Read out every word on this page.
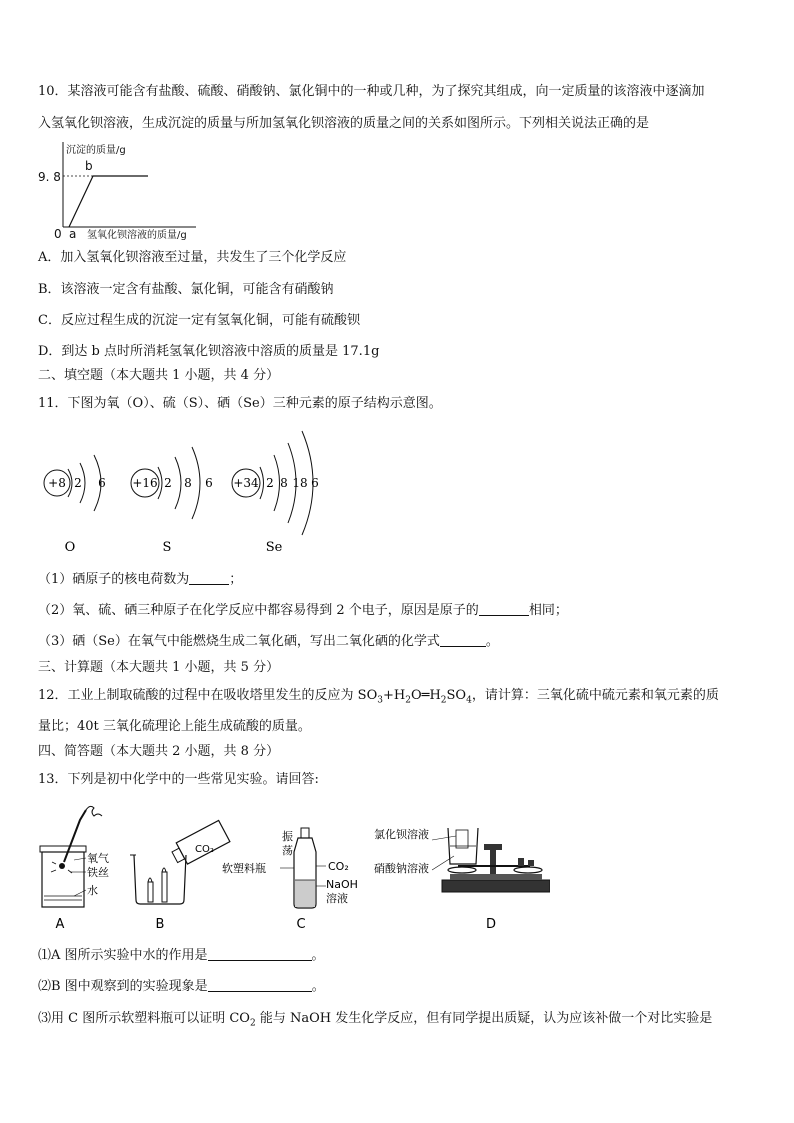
10．某溶液可能含有盐酸、硫酸、硝酸钠、氯化铜中的一种或几种，为了探究其组成，向一定质量的该溶液中逐滴加
入氢氧化钡溶液，生成沉淀的质量与所加氢氧化钡溶液的质量之间的关系如图所示。下列相关说法正确的是
沉淀的质量/g
9. 8
b
0 a 氢氧化钡溶液的质量/g
A．加入氢氧化钡溶液至过量，共发生了三个化学反应
B．该溶液一定含有盐酸、氯化铜，可能含有硝酸钠
C．反应过程生成的沉淀一定有氢氧化铜，可能有硫酸钡
D．到达 b 点时所消耗氢氧化钡溶液中溶质的质量是 17.1g
二、填空题（本大题共 1 小题，共 4 分）
11．下图为氧（O）、硫（S）、硒（Se）三种元素的原子结构示意图。
+8 2 6
O
+16 2 8 6
S
+34 2 8 18 6
Se
（1）硒原子的核电荷数为	；
（2）氧、硫、硒三种原子在化学反应中都容易得到 2 个电子，原因是原子的	相同；
（3）硒（Se）在氧气中能燃烧生成二氧化硒，写出二氧化硒的化学式	。
三、计算题（本大题共 1 小题，共 5 分）
12．工业上制取硫酸的过程中在吸收塔里发生的反应为 $SO_3+H_2O═H_2SO_4$，请计算：三氧化硫中硫元素和氧元素的质
量比；40t 三氧化硫理论上能生成硫酸的质量。
四、简答题（本大题共 2 小题，共 8 分）
13．下列是初中化学中的一些常见实验。请回答:
氧气
铁丝
水
A
CO₂
B
振
荡
软塑料瓶	CO₂
NaOH
溶液
C
氯化钡溶液
硝酸钠溶液
D
⑴A 图所示实验中水的作用是	。
⑵B 图中观察到的实验现象是	。
⑶用 C 图所示软塑料瓶可以证明 $CO_2$ 能与 NaOH 发生化学反应，但有同学提出质疑，认为应该补做一个对比实验是
